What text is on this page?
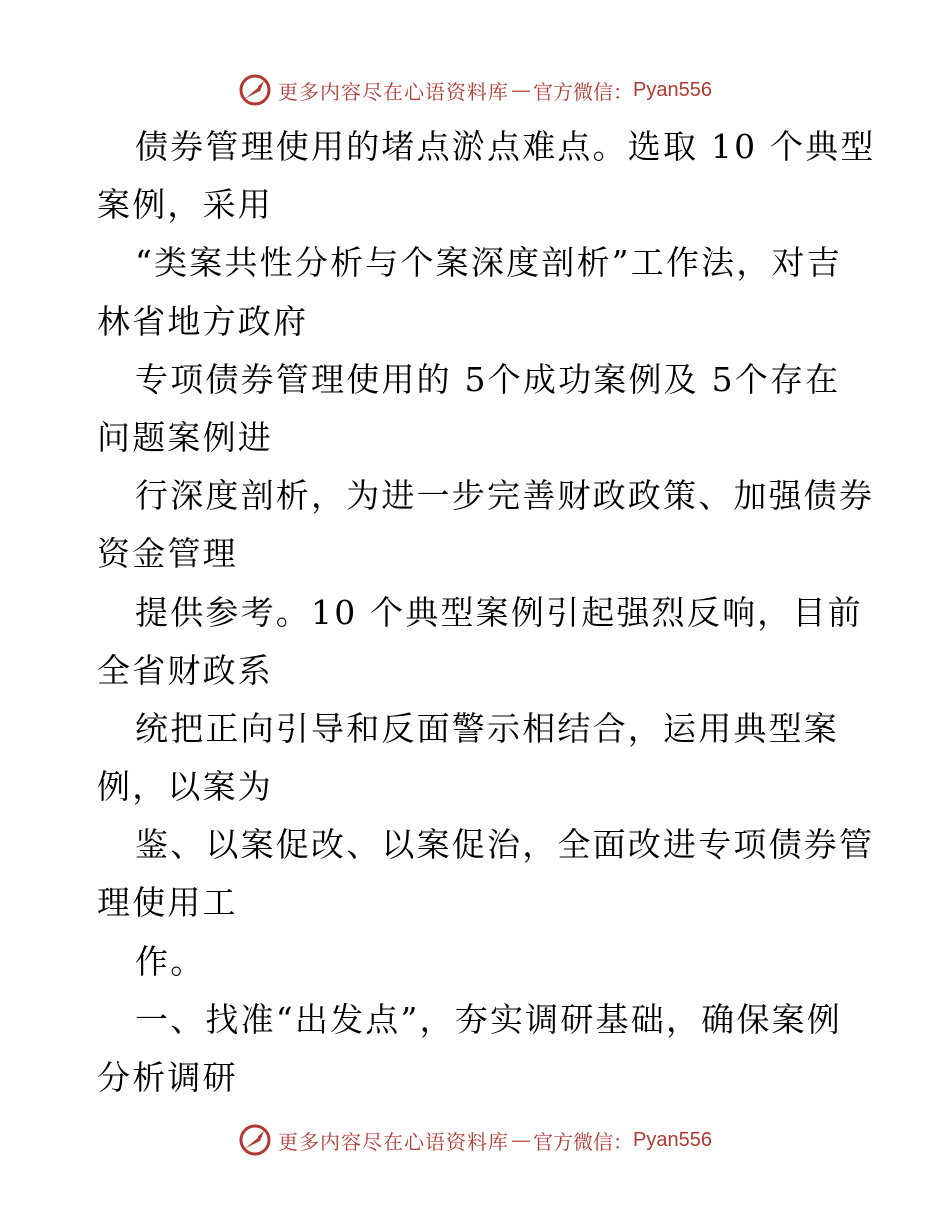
更多内容尽在心语资料库 — 官方微信： Pyan556
债券管理使用的堵点淤点难点。选取 10 个典型
案例，采用
“类案共性分析与个案深度剖析”工作法，对吉
林省地方政府
专项债券管理使用的 5个成功案例及 5个存在
问题案例进
行深度剖析，为进一步完善财政政策、加强债券
资金管理
提供参考。10 个典型案例引起强烈反响，目前
全省财政系
统把正向引导和反面警示相结合，运用典型案
例，以案为
鉴、以案促改、以案促治，全面改进专项债券管
理使用工
作。
一、找准“出发点”，夯实调研基础，确保案例
分析调研
更多内容尽在心语资料库 — 官方微信： Pyan556
